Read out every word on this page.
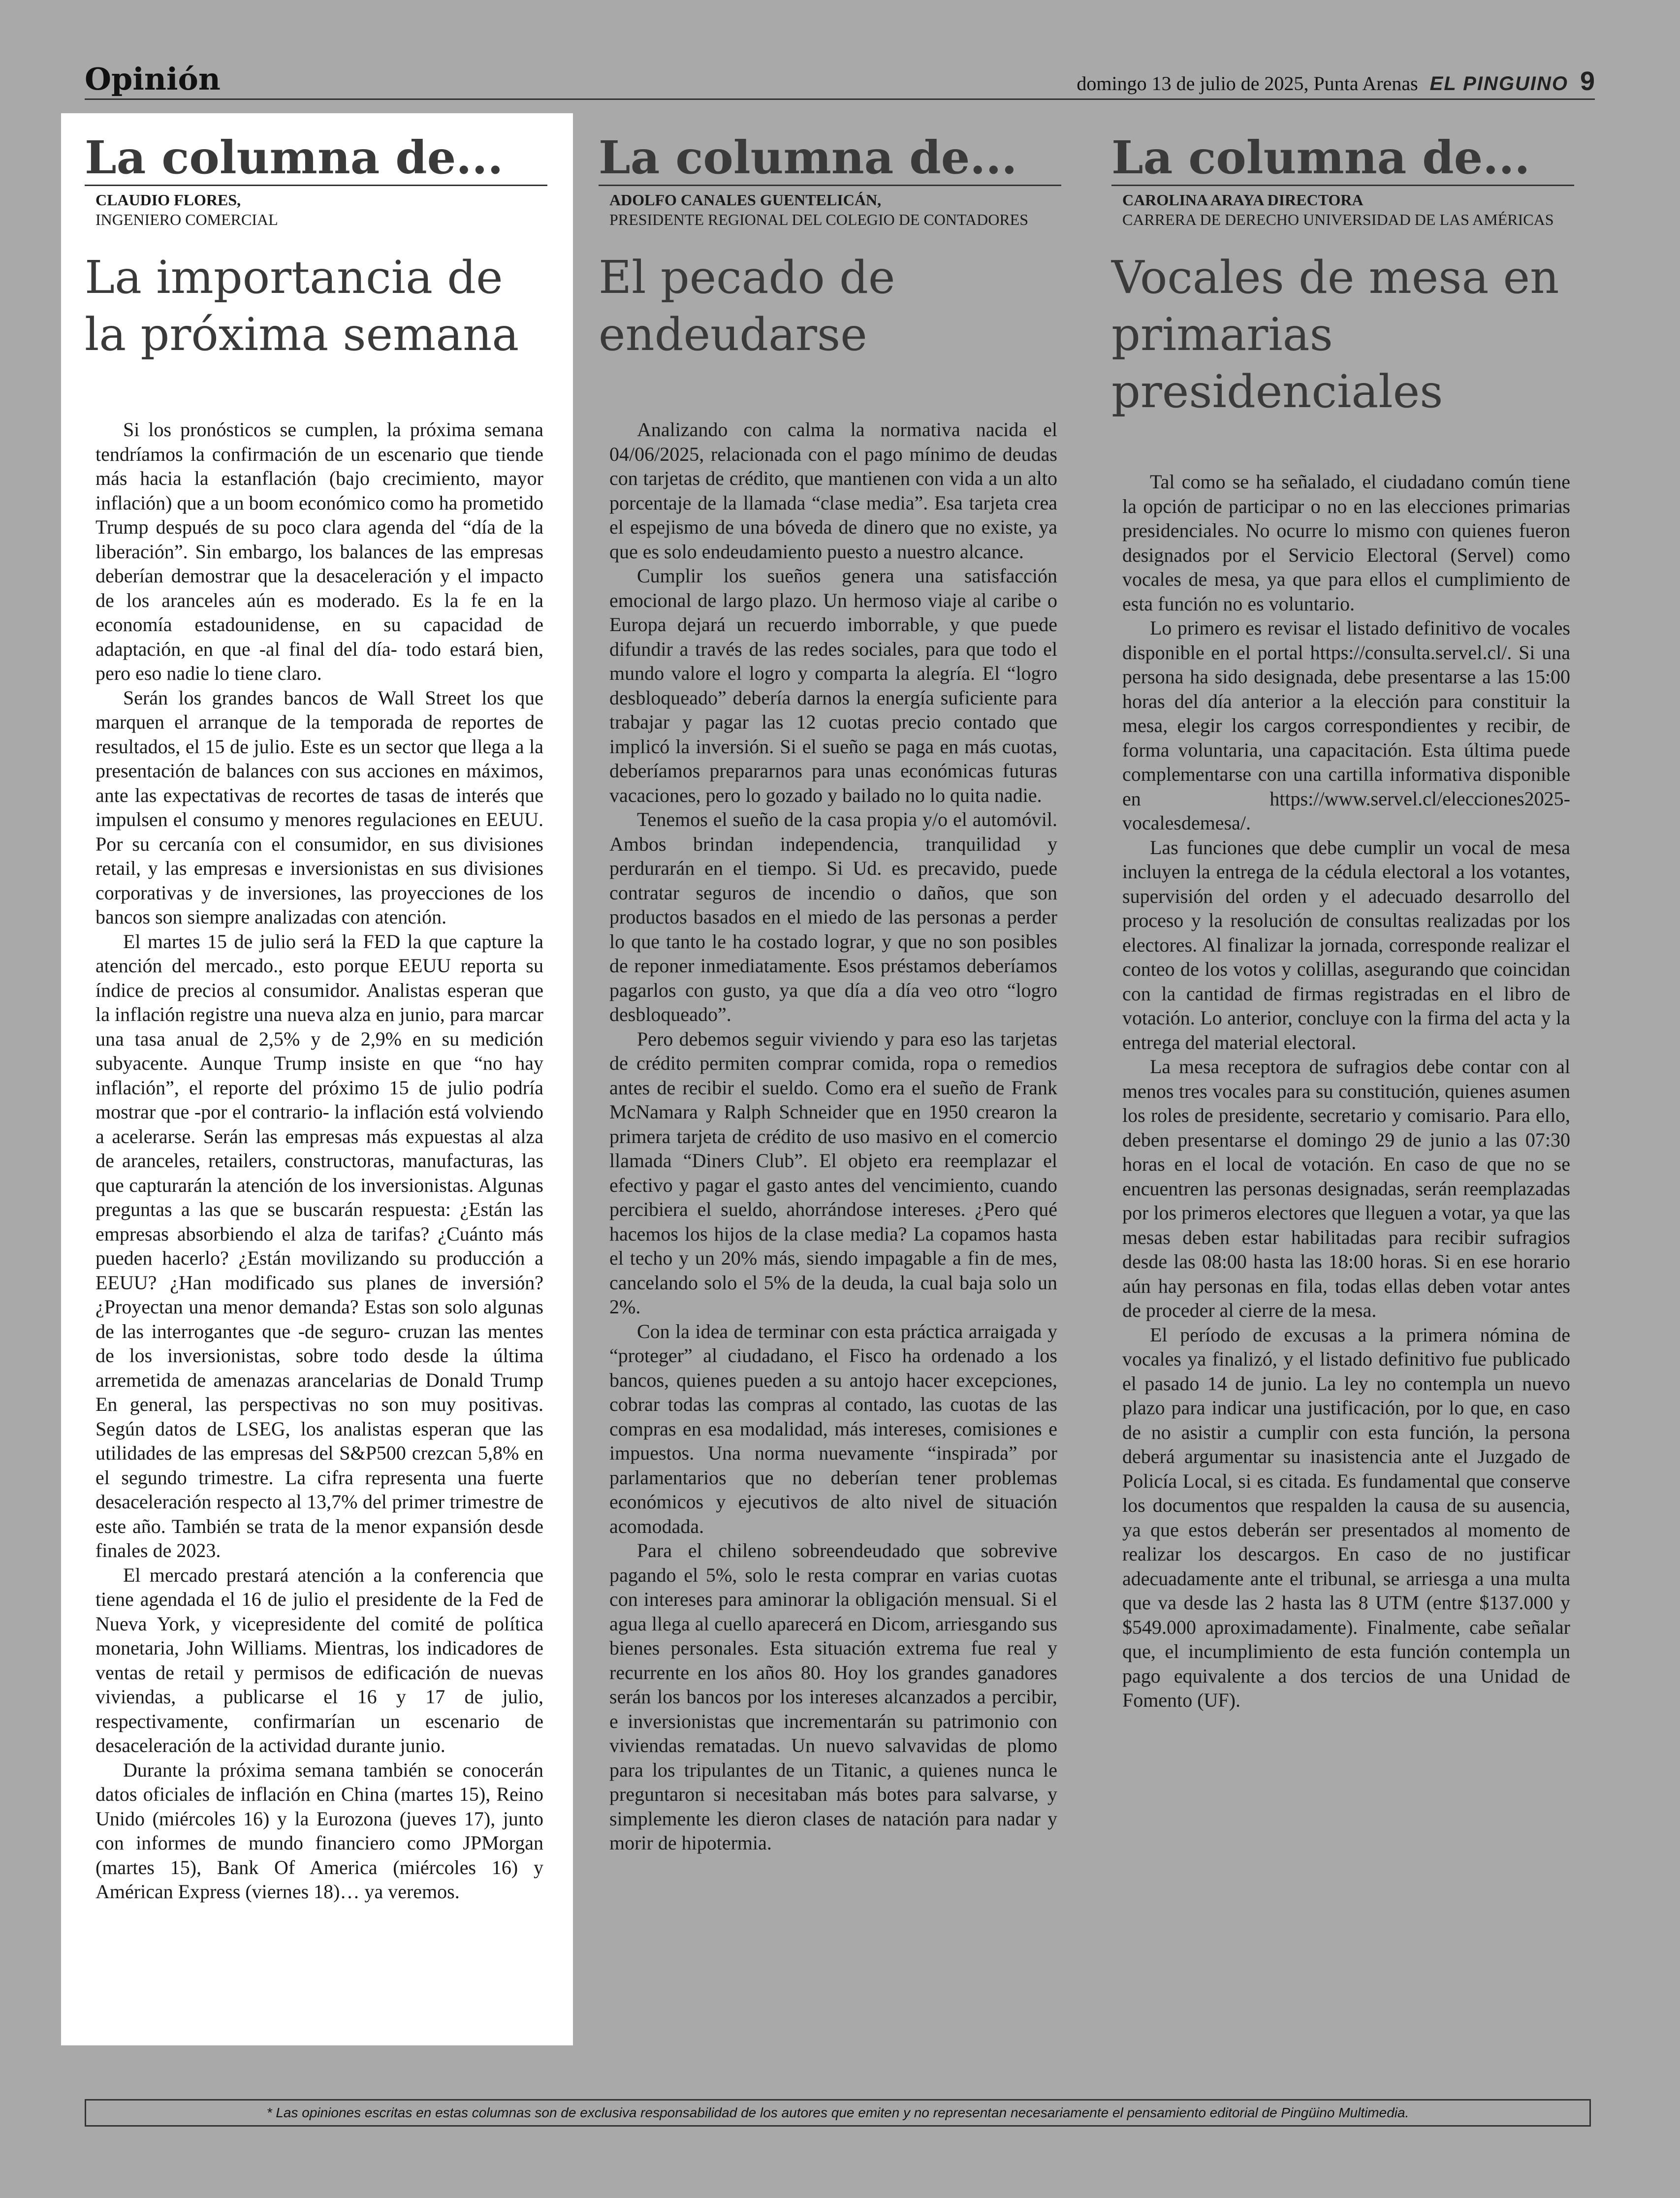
Opinión	domingo 13 de julio de 2025, Punta Arenas EL PINGUINO 9
La columna de...
CLAUDIO FLORES,
INGENIERO COMERCIAL
La importancia de la próxima semana

Si los pronósticos se cumplen, la próxima semana tendríamos la confirmación de un escenario que tiende más hacia la estanflación (bajo crecimiento, mayor inflación) que a un boom económico como ha prometido Trump después de su poco clara agenda del “día de la liberación”. Sin embargo, los balances de las empresas deberían demostrar que la desaceleración y el impacto de los aranceles aún es moderado. Es la fe en la economía estadounidense, en su capacidad de adaptación, en que -al final del día- todo estará bien, pero eso nadie lo tiene claro.

Serán los grandes bancos de Wall Street los que marquen el arranque de la temporada de reportes de resultados, el 15 de julio. Este es un sector que llega a la presentación de balances con sus acciones en máximos, ante las expectativas de recortes de tasas de interés que impulsen el consumo y menores regulaciones en EEUU. Por su cercanía con el consumidor, en sus divisiones retail, y las empresas e inversionistas en sus divisiones corporativas y de inversiones, las proyecciones de los bancos son siempre analizadas con atención.

El martes 15 de julio será la FED la que capture la atención del mercado., esto porque EEUU reporta su índice de precios al consumidor. Analistas esperan que la inflación registre una nueva alza en junio, para marcar una tasa anual de 2,5% y de 2,9% en su medición subyacente. Aunque Trump insiste en que “no hay inflación”, el reporte del próximo 15 de julio podría mostrar que -por el contrario- la inflación está volviendo a acelerarse. Serán las empresas más expuestas al alza de aranceles, retailers, constructoras, manufacturas, las que capturarán la atención de los inversionistas. Algunas preguntas a las que se buscarán respuesta: ¿Están las empresas absorbiendo el alza de tarifas? ¿Cuánto más pueden hacerlo? ¿Están movilizando su producción a EEUU? ¿Han modificado sus planes de inversión? ¿Proyectan una menor demanda? Estas son solo algunas de las interrogantes que -de seguro- cruzan las mentes de los inversionistas, sobre todo desde la última arremetida de amenazas arancelarias de Donald Trump En general, las perspectivas no son muy positivas. Según datos de LSEG, los analistas esperan que las utilidades de las empresas del S&P500 crezcan 5,8% en el segundo trimestre. La cifra representa una fuerte desaceleración respecto al 13,7% del primer trimestre de este año. También se trata de la menor expansión desde finales de 2023.

El mercado prestará atención a la conferencia que tiene agendada el 16 de julio el presidente de la Fed de Nueva York, y vicepresidente del comité de política monetaria, John Williams. Mientras, los indicadores de ventas de retail y permisos de edificación de nuevas viviendas, a publicarse el 16 y 17 de julio, respectivamente, confirmarían un escenario de desaceleración de la actividad durante junio.

Durante la próxima semana también se conocerán datos oficiales de inflación en China (martes 15), Reino Unido (miércoles 16) y la Eurozona (jueves 17), junto con informes de mundo financiero como JPMorgan (martes 15), Bank Of America (miércoles 16) y Américan Express (viernes 18)… ya veremos.

La columna de...
ADOLFO CANALES GUENTELICÁN,
PRESIDENTE REGIONAL DEL COLEGIO DE CONTADORES
El pecado de endeudarse

Analizando con calma la normativa nacida el 04/06/2025, relacionada con el pago mínimo de deudas con tarjetas de crédito, que mantienen con vida a un alto porcentaje de la llamada “clase media”. Esa tarjeta crea el espejismo de una bóveda de dinero que no existe, ya que es solo endeudamiento puesto a nuestro alcance.

Cumplir los sueños genera una satisfacción emocional de largo plazo. Un hermoso viaje al caribe o Europa dejará un recuerdo imborrable, y que puede difundir a través de las redes sociales, para que todo el mundo valore el logro y comparta la alegría. El “logro desbloqueado” debería darnos la energía suficiente para trabajar y pagar las 12 cuotas precio contado que implicó la inversión. Si el sueño se paga en más cuotas, deberíamos prepararnos para unas económicas futuras vacaciones, pero lo gozado y bailado no lo quita nadie.

Tenemos el sueño de la casa propia y/o el automóvil. Ambos brindan independencia, tranquilidad y perdurarán en el tiempo. Si Ud. es precavido, puede contratar seguros de incendio o daños, que son productos basados en el miedo de las personas a perder lo que tanto le ha costado lograr, y que no son posibles de reponer inmediatamente. Esos préstamos deberíamos pagarlos con gusto, ya que día a día veo otro “logro desbloqueado”.

Pero debemos seguir viviendo y para eso las tarjetas de crédito permiten comprar comida, ropa o remedios antes de recibir el sueldo. Como era el sueño de Frank McNamara y Ralph Schneider que en 1950 crearon la primera tarjeta de crédito de uso masivo en el comercio llamada “Diners Club”. El objeto era reemplazar el efectivo y pagar el gasto antes del vencimiento, cuando percibiera el sueldo, ahorrándose intereses. ¿Pero qué hacemos los hijos de la clase media? La copamos hasta el techo y un 20% más, siendo impagable a fin de mes, cancelando solo el 5% de la deuda, la cual baja solo un 2%.

Con la idea de terminar con esta práctica arraigada y “proteger” al ciudadano, el Fisco ha ordenado a los bancos, quienes pueden a su antojo hacer excepciones, cobrar todas las compras al contado, las cuotas de las compras en esa modalidad, más intereses, comisiones e impuestos. Una norma nuevamente “inspirada” por parlamentarios que no deberían tener problemas económicos y ejecutivos de alto nivel de situación acomodada.

Para el chileno sobreendeudado que sobrevive pagando el 5%, solo le resta comprar en varias cuotas con intereses para aminorar la obligación mensual. Si el agua llega al cuello aparecerá en Dicom, arriesgando sus bienes personales. Esta situación extrema fue real y recurrente en los años 80. Hoy los grandes ganadores serán los bancos por los intereses alcanzados a percibir, e inversionistas que incrementarán su patrimonio con viviendas rematadas. Un nuevo salvavidas de plomo para los tripulantes de un Titanic, a quienes nunca le preguntaron si necesitaban más botes para salvarse, y simplemente les dieron clases de natación para nadar y morir de hipotermia.

La columna de...
CAROLINA ARAYA DIRECTORA
CARRERA DE DERECHO UNIVERSIDAD DE LAS AMÉRICAS
Vocales de mesa en primarias presidenciales

Tal como se ha señalado, el ciudadano común tiene la opción de participar o no en las elecciones primarias presidenciales. No ocurre lo mismo con quienes fueron designados por el Servicio Electoral (Servel) como vocales de mesa, ya que para ellos el cumplimiento de esta función no es voluntario.

Lo primero es revisar el listado definitivo de vocales disponible en el portal https://consulta.servel.cl/. Si una persona ha sido designada, debe presentarse a las 15:00 horas del día anterior a la elección para constituir la mesa, elegir los cargos correspondientes y recibir, de forma voluntaria, una capacitación. Esta última puede complementarse con una cartilla informativa disponible en https://www.servel.cl/elecciones2025-vocalesdemesa/.

Las funciones que debe cumplir un vocal de mesa incluyen la entrega de la cédula electoral a los votantes, supervisión del orden y el adecuado desarrollo del proceso y la resolución de consultas realizadas por los electores. Al finalizar la jornada, corresponde realizar el conteo de los votos y colillas, asegurando que coincidan con la cantidad de firmas registradas en el libro de votación. Lo anterior, concluye con la firma del acta y la entrega del material electoral.

La mesa receptora de sufragios debe contar con al menos tres vocales para su constitución, quienes asumen los roles de presidente, secretario y comisario. Para ello, deben presentarse el domingo 29 de junio a las 07:30 horas en el local de votación. En caso de que no se encuentren las personas designadas, serán reemplazadas por los primeros electores que lleguen a votar, ya que las mesas deben estar habilitadas para recibir sufragios desde las 08:00 hasta las 18:00 horas. Si en ese horario aún hay personas en fila, todas ellas deben votar antes de proceder al cierre de la mesa.

El período de excusas a la primera nómina de vocales ya finalizó, y el listado definitivo fue publicado el pasado 14 de junio. La ley no contempla un nuevo plazo para indicar una justificación, por lo que, en caso de no asistir a cumplir con esta función, la persona deberá argumentar su inasistencia ante el Juzgado de Policía Local, si es citada. Es fundamental que conserve los documentos que respalden la causa de su ausencia, ya que estos deberán ser presentados al momento de realizar los descargos. En caso de no justificar adecuadamente ante el tribunal, se arriesga a una multa que va desde las 2 hasta las 8 UTM (entre $137.000 y $549.000 aproximadamente). Finalmente, cabe señalar que, el incumplimiento de esta función contempla un pago equivalente a dos tercios de una Unidad de Fomento (UF).

* Las opiniones escritas en estas columnas son de exclusiva responsabilidad de los autores que emiten y no representan necesariamente el pensamiento editorial de Pingüino Multimedia.
